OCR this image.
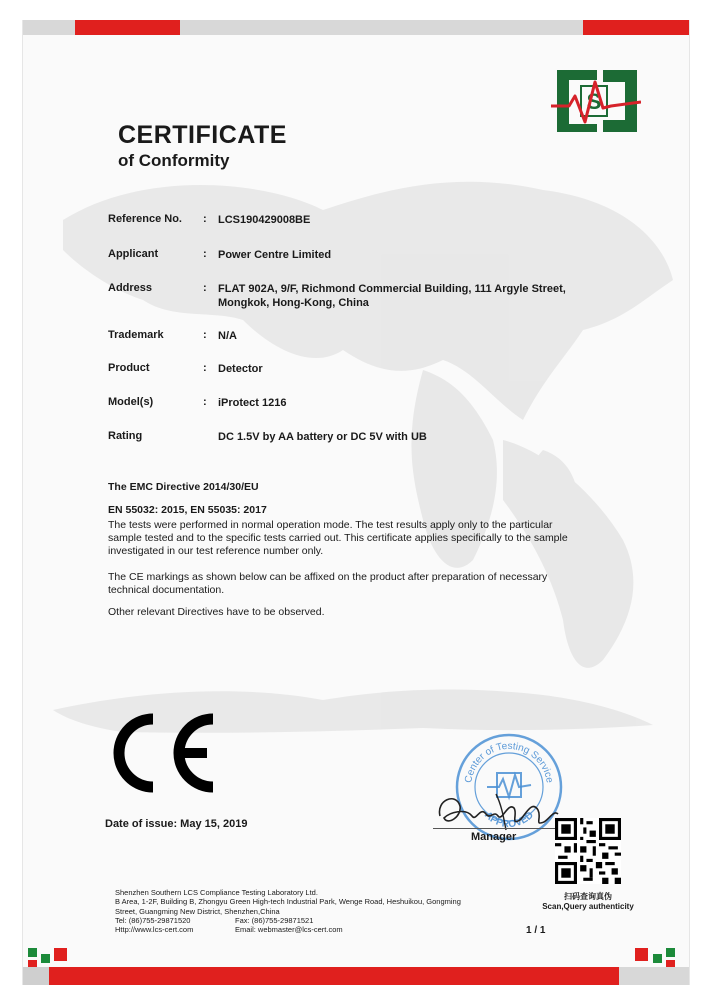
S
CERTIFICATE
of Conformity
Reference No. : LCS190429008BE
Applicant	: Power Centre Limited
Address	: FLAT 902A, 9/F, Richmond Commercial Building, 111 Argyle Street,
Mongkok, Hong-Kong, China
Trademark	: N/A
Product	: Detector
Model(s)	: iProtect 1216
Rating	DC 1.5V by AA battery or DC 5V with UB
The EMC Directive 2014/30/EU
EN 55032: 2015, EN 55035: 2017
The tests were performed in normal operation mode. The test results apply only to the particular
sample tested and to the specific tests carried out. This certificate applies specifically to the sample
investigated in our test reference number only.
The CE markings as shown below can be affixed on the product after preparation of necessary
technical documentation.
Other relevant Directives have to be observed.
Date of issue: May 15, 2019
Center of Testing Service
APPROVED
Manager
扫码查询真伪
Scan,Query authenticity
Shenzhen Southern LCS Compliance Testing Laboratory Ltd.
B Area, 1-2F, Building B, Zhongyu Green High-tech Industrial Park, Wenge Road, Heshuikou, Gongming
Street, Guangming New District, Shenzhen,China
Tel: (86)755-29871520	Fax: (86)755-29871521
Http://www.lcs-cert.com	Email: webmaster@lcs-cert.com	1 / 1
